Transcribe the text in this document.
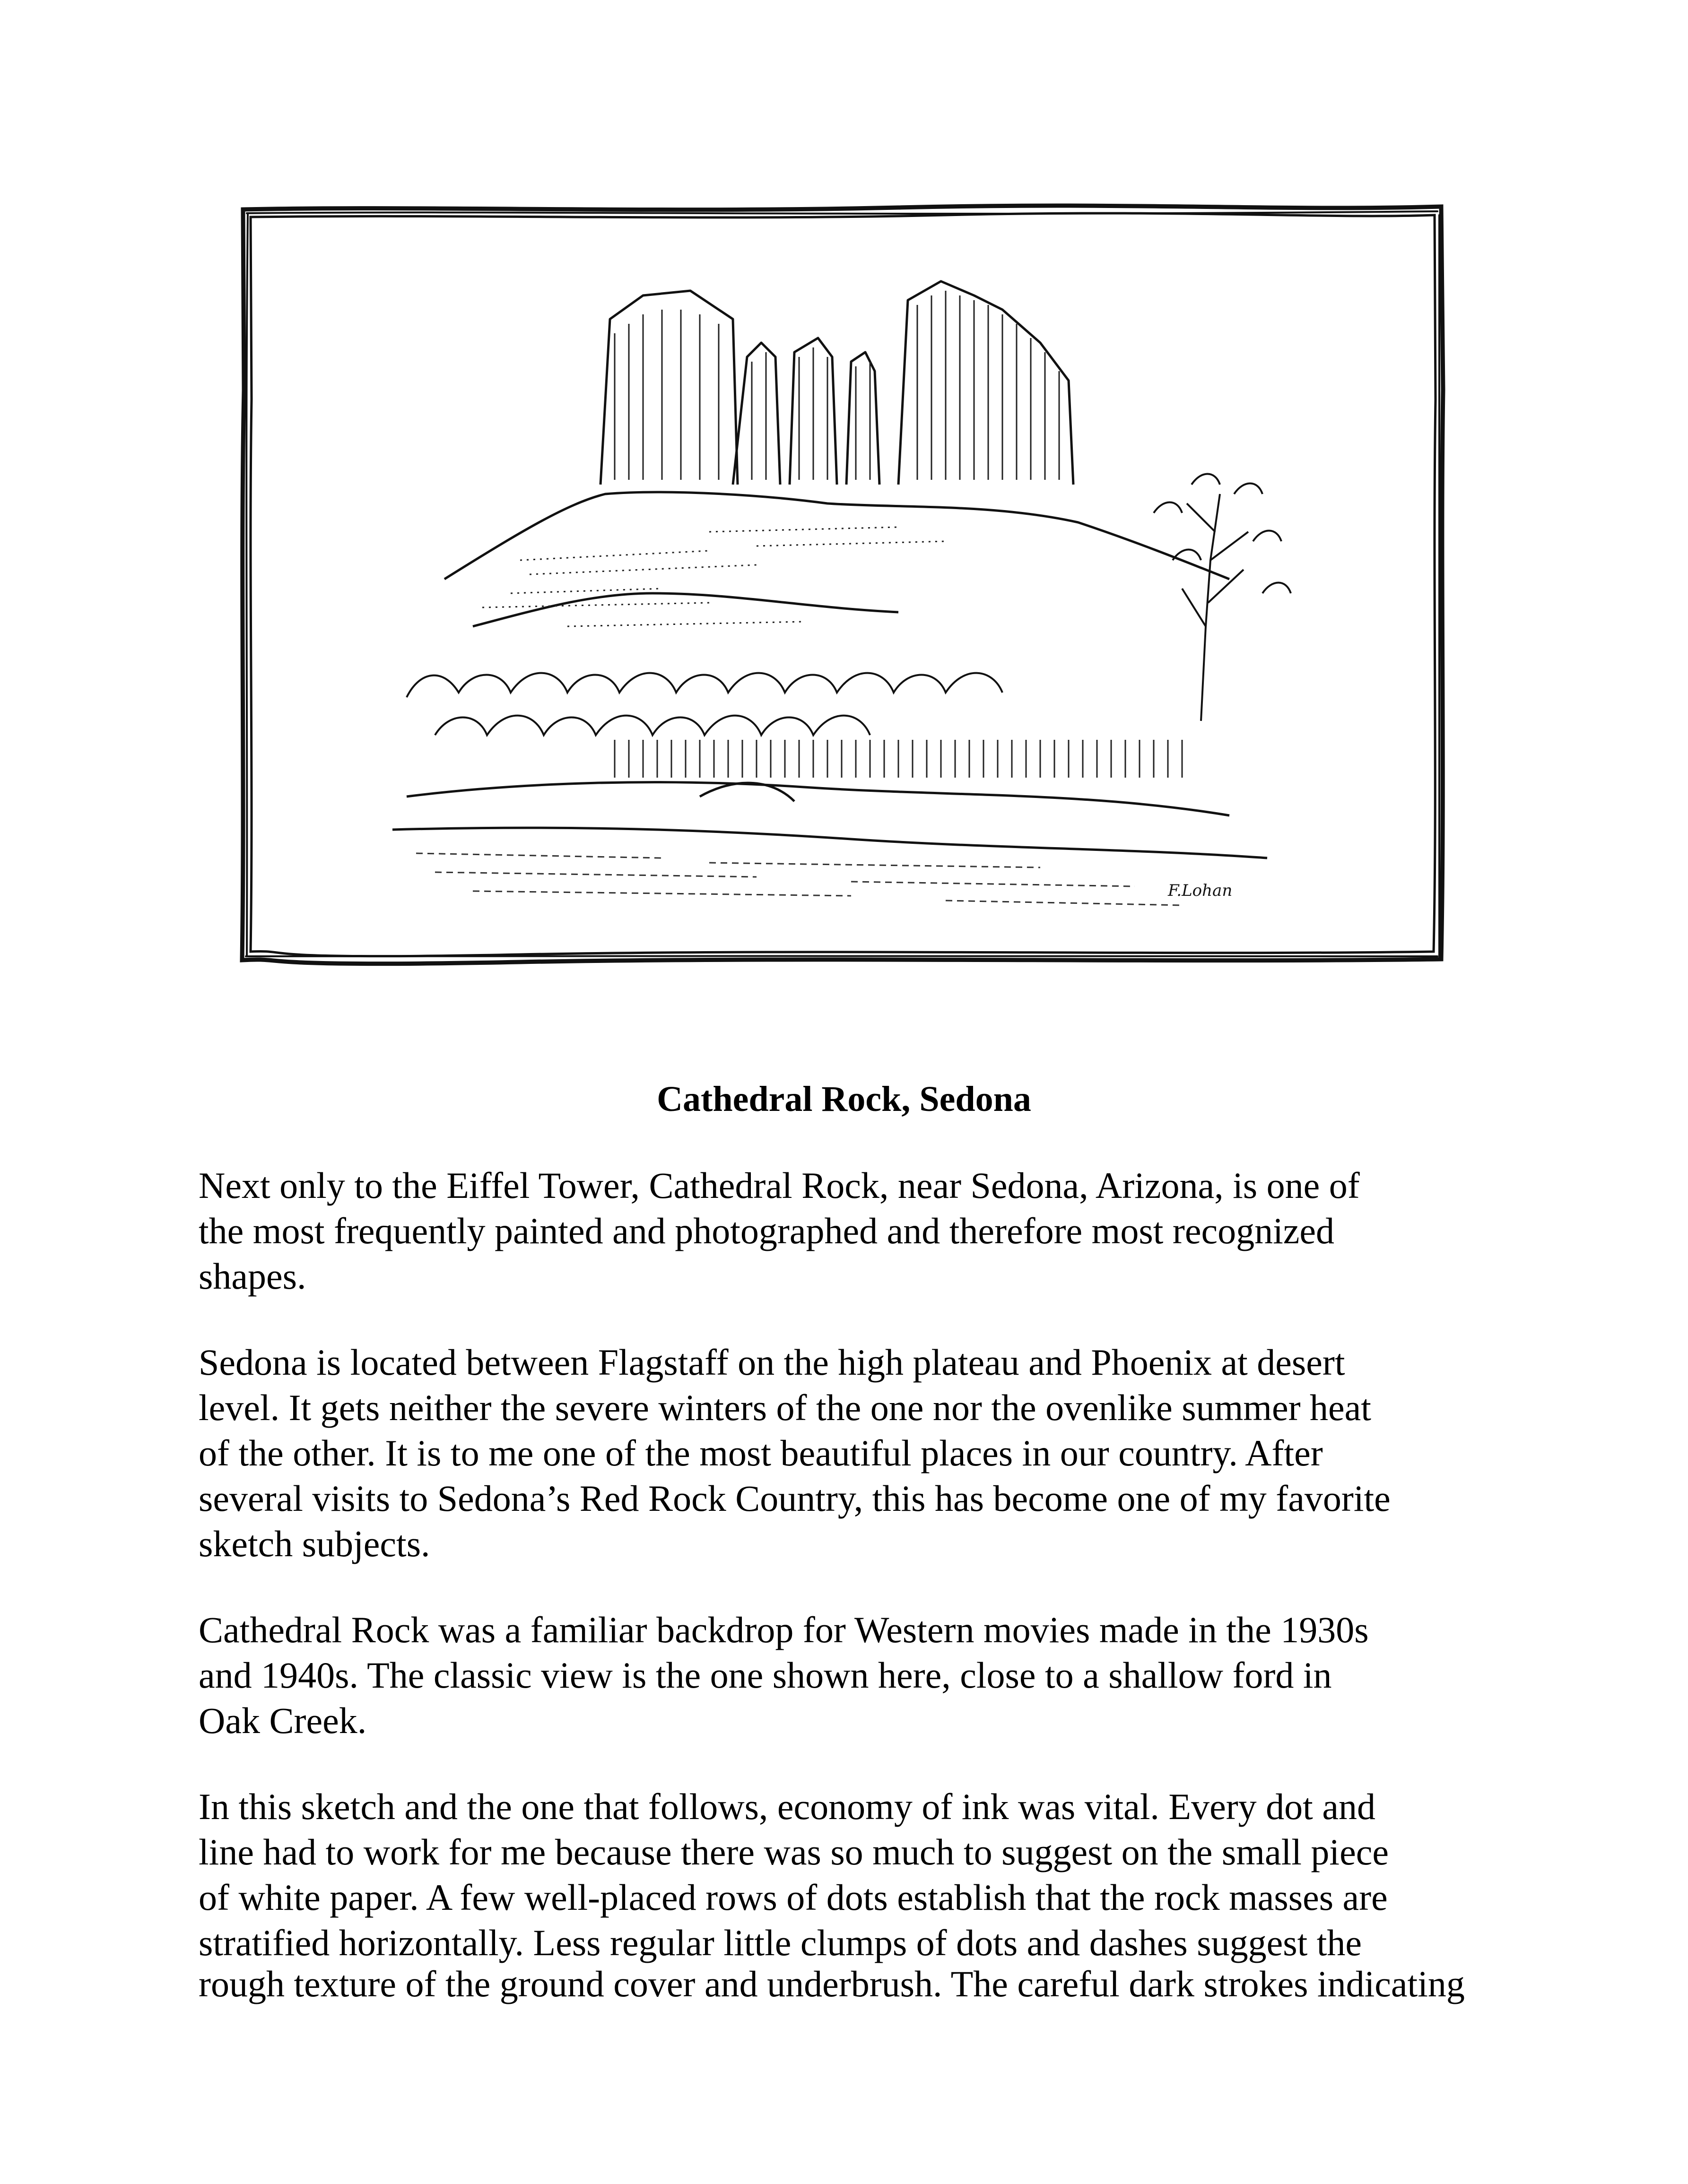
F.Lohan
Cathedral Rock, Sedona

Next only to the Eiffel Tower, Cathedral Rock, near Sedona, Arizona, is one of
the most frequently painted and photographed and therefore most recognized
shapes.

Sedona is located between Flagstaff on the high plateau and Phoenix at desert
level. It gets neither the severe winters of the one nor the ovenlike summer heat
of the other. It is to me one of the most beautiful places in our country. After
several visits to Sedona’s Red Rock Country, this has become one of my favorite
sketch subjects.

Cathedral Rock was a familiar backdrop for Western movies made in the 1930s
and 1940s. The classic view is the one shown here, close to a shallow ford in
Oak Creek.

In this sketch and the one that follows, economy of ink was vital. Every dot and
line had to work for me because there was so much to suggest on the small piece
of white paper. A few well-placed rows of dots establish that the rock masses are
stratified horizontally. Less regular little clumps of dots and dashes suggest the

rough texture of the ground cover and underbrush. The careful dark strokes indicating
